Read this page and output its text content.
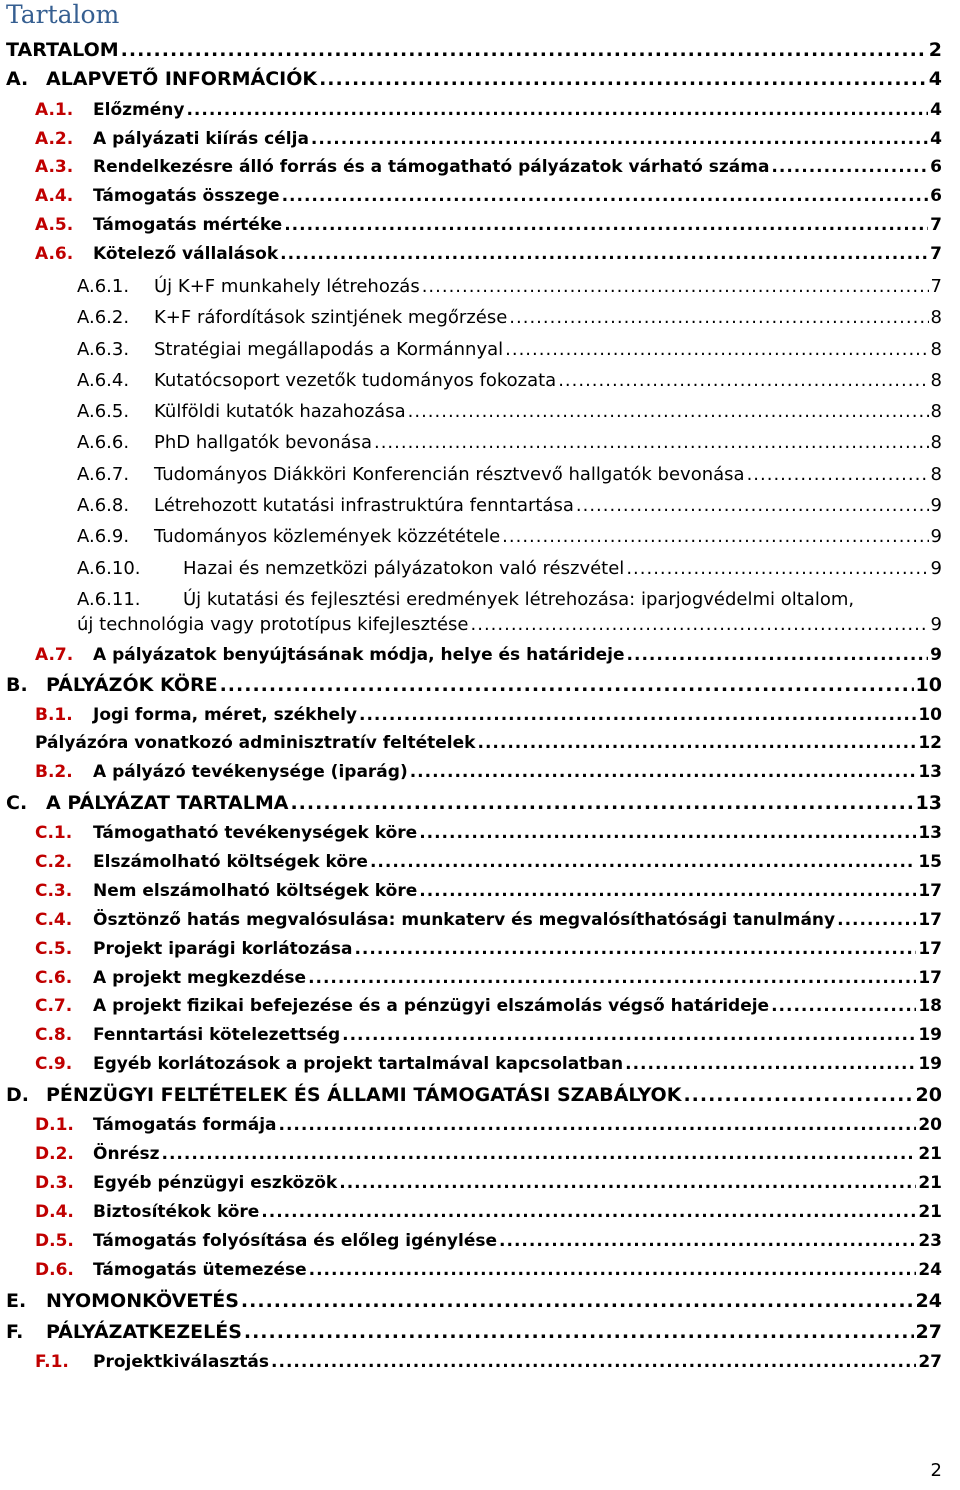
Tartalom
TARTALOM .....	2
A. ALAPVETŐ INFORMÁCIÓK .....	4
A.1.	Előzmény .....	4
A.2.	A pályázati kiírás célja .....	4
A.3.	Rendelkezésre álló forrás és a támogatható pályázatok várható száma .....	6
A.4.	Támogatás összege .....	6
A.5.	Támogatás mértéke .....	7
A.6.	Kötelező vállalások .....	7
A.6.1.	Új K+F munkahely létrehozás .....	7
A.6.2.	K+F ráfordítások szintjének megőrzése .....	8
A.6.3.	Stratégiai megállapodás a Kormánnyal .....	8
A.6.4.	Kutatócsoport vezetők tudományos fokozata .....	8
A.6.5.	Külföldi kutatók hazahozása .....	8
A.6.6.	PhD hallgatók bevonása .....	8
A.6.7.	Tudományos Diákköri Konferencián résztvevő hallgatók bevonása .....	8
A.6.8.	Létrehozott kutatási infrastruktúra fenntartása .....	9
A.6.9.	Tudományos közlemények közzététele .....	9
A.6.10.	Hazai és nemzetközi pályázatokon való részvétel .....	9
A.6.11.	Új kutatási és fejlesztési eredmények létrehozása: iparjogvédelmi oltalom,
új technológia vagy prototípus kifejlesztése .....	9
A.7.	A pályázatok benyújtásának módja, helye és határideje .....	9
B. PÁLYÁZÓK KÖRE .....	10
B.1.	Jogi forma, méret, székhely .....	10
Pályázóra vonatkozó adminisztratív feltételek .....	12
B.2.	A pályázó tevékenysége (iparág) .....	13
C. A PÁLYÁZAT TARTALMA .....	13
C.1.	Támogatható tevékenységek köre .....	13
C.2.	Elszámolható költségek köre .....	15
C.3.	Nem elszámolható költségek köre .....	17
C.4.	Ösztönző hatás megvalósulása: munkaterv és megvalósíthatósági tanulmány .....	17
C.5.	Projekt iparági korlátozása .....	17
C.6.	A projekt megkezdése .....	17
C.7.	A projekt fizikai befejezése és a pénzügyi elszámolás végső határideje .....	18
C.8.	Fenntartási kötelezettség .....	19
C.9.	Egyéb korlátozások a projekt tartalmával kapcsolatban .....	19
D. PÉNZÜGYI FELTÉTELEK ÉS ÁLLAMI TÁMOGATÁSI SZABÁLYOK .....	20
D.1.	Támogatás formája .....	20
D.2.	Önrész .....	21
D.3.	Egyéb pénzügyi eszközök .....	21
D.4.	Biztosítékok köre .....	21
D.5.	Támogatás folyósítása és előleg igénylése .....	23
D.6.	Támogatás ütemezése .....	24
E.	NYOMONKÖVETÉS .....	24
F.	PÁLYÁZATKEZELÉS .....	27
F.1.	Projektkiválasztás .....	27
2
